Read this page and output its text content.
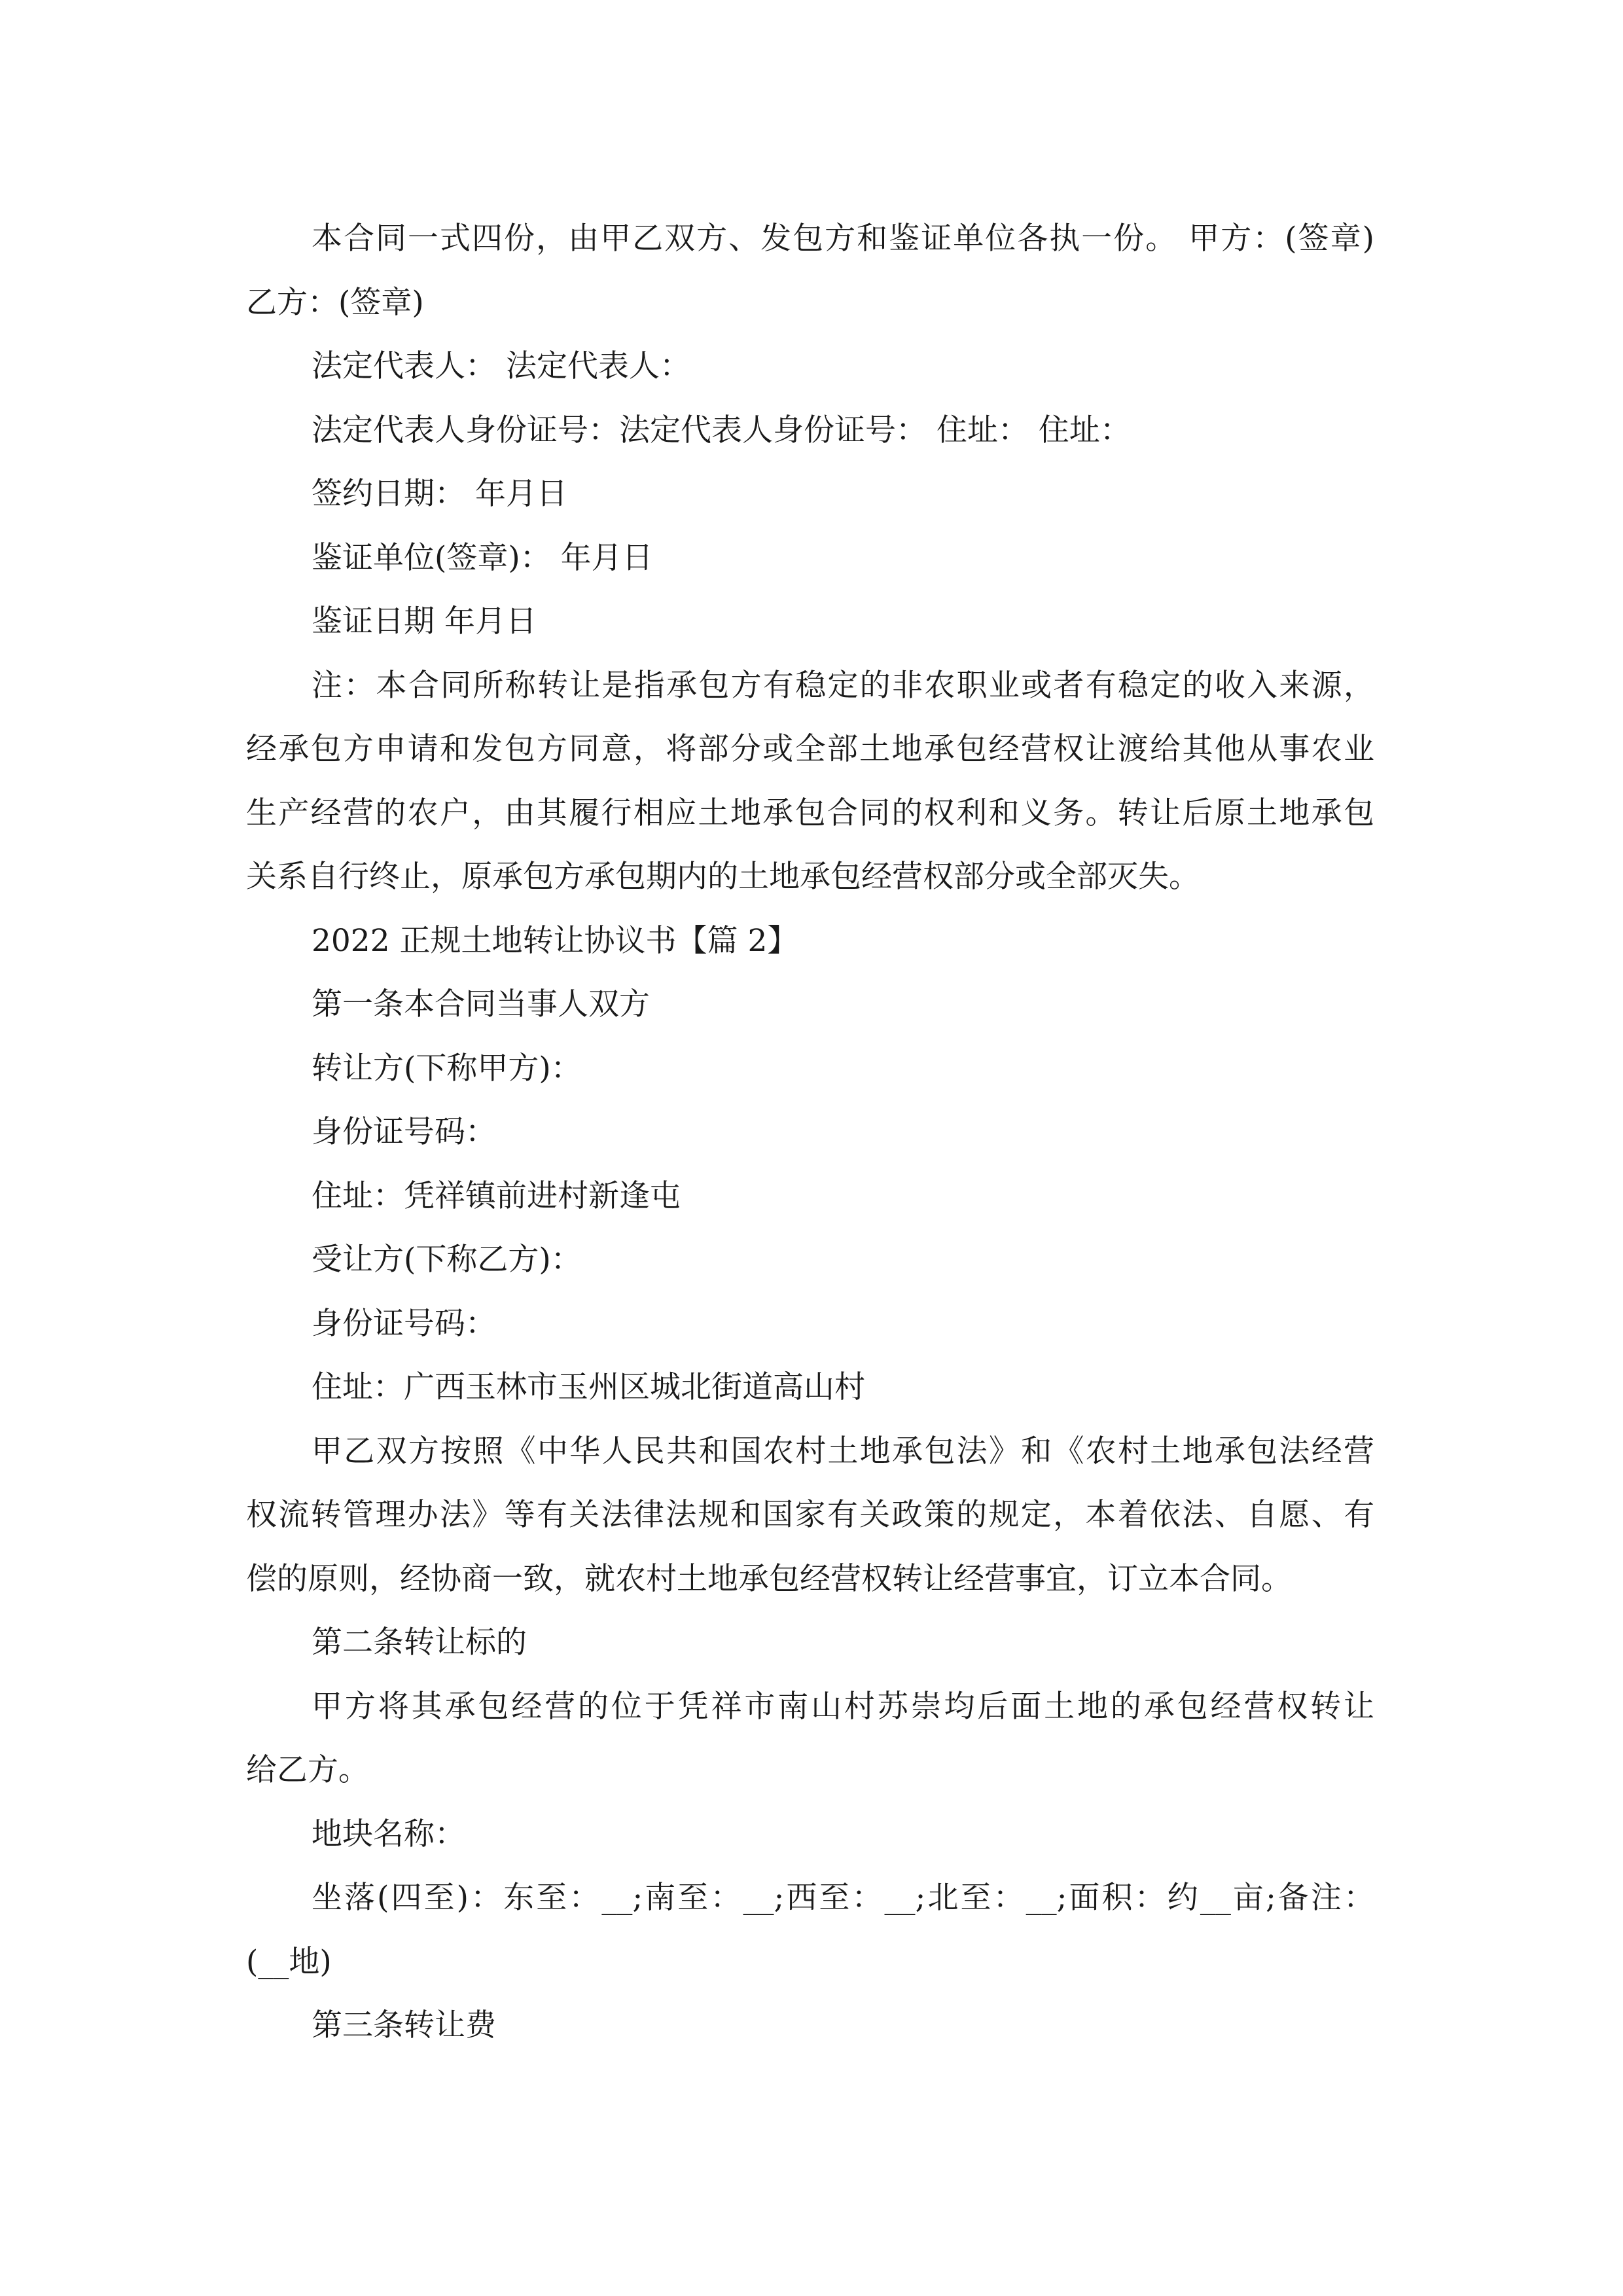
本合同一式四份，由甲乙双方、发包方和鉴证单位各执一份。 甲方：(签章)
乙方：(签章)
法定代表人： 法定代表人：
法定代表人身份证号：法定代表人身份证号： 住址： 住址：
签约日期： 年月日
鉴证单位(签章)： 年月日
鉴证日期 年月日
注：本合同所称转让是指承包方有稳定的非农职业或者有稳定的收入来源，
经承包方申请和发包方同意，将部分或全部土地承包经营权让渡给其他从事农业
生产经营的农户，由其履行相应土地承包合同的权利和义务。转让后原土地承包
关系自行终止，原承包方承包期内的土地承包经营权部分或全部灭失。
2022 正规土地转让协议书【篇 2】
第一条本合同当事人双方
转让方(下称甲方)：
身份证号码：
住址：凭祥镇前进村新逢屯
受让方(下称乙方)：
身份证号码：
住址：广西玉林市玉州区城北街道高山村
甲乙双方按照《中华人民共和国农村土地承包法》和《农村土地承包法经营
权流转管理办法》等有关法律法规和国家有关政策的规定，本着依法、自愿、有
偿的原则，经协商一致，就农村土地承包经营权转让经营事宜，订立本合同。
第二条转让标的
甲方将其承包经营的位于凭祥市南山村苏崇均后面土地的承包经营权转让
给乙方。
地块名称：
坐落(四至)：东至：__;南至：__;西至：__;北至：__;面积：约__亩;备注：
(__地)
第三条转让费
